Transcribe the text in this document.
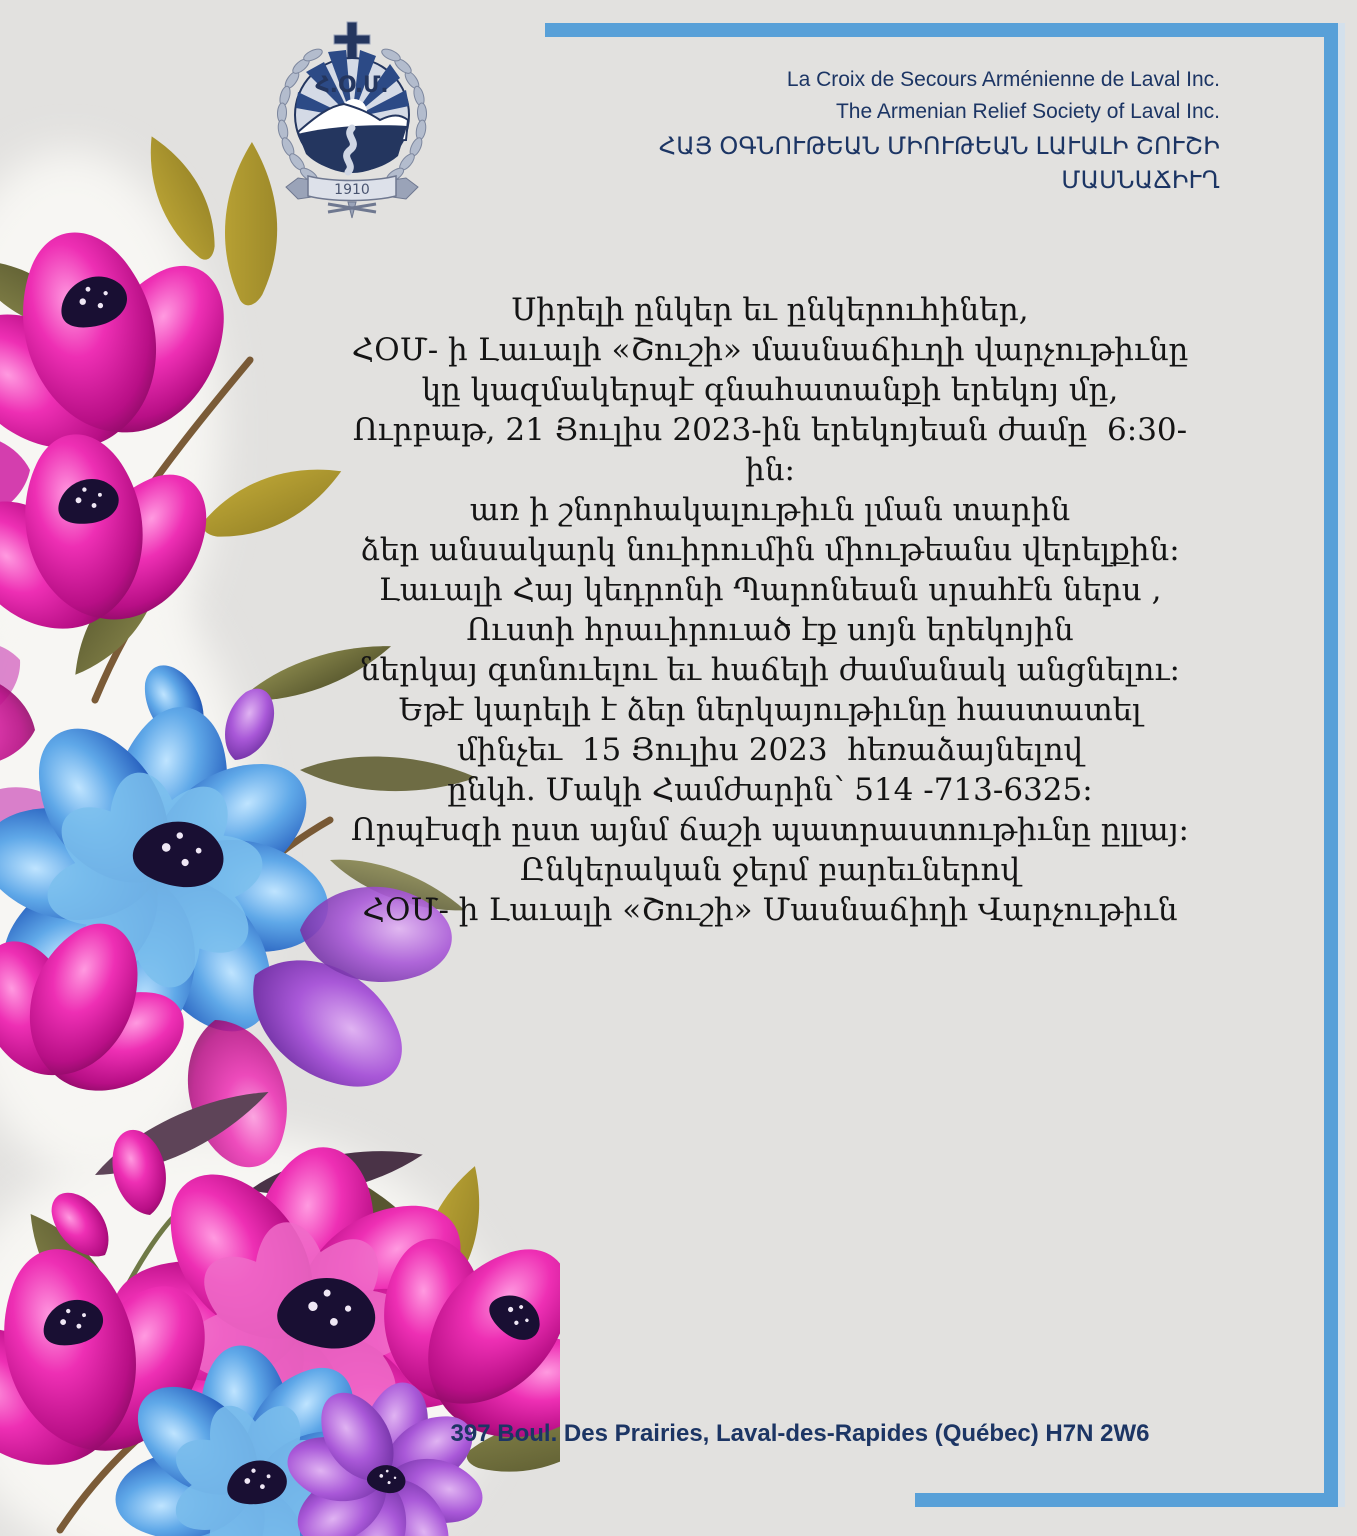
Հ.Օ.Մ.
1910
La Croix de Secours Arménienne de Laval Inc.
The Armenian Relief Society of Laval Inc.
ՀԱՅ ՕԳՆՈՒԹԵԱՆ ՄԻՈՒԹԵԱՆ ԼԱՒԱԼԻ ՇՈՒՇԻ ՄԱՍՆԱՃԻՒՂ

Սիրելի ընկեր եւ ընկերուհիներ,

ՀՕՄ- ի Լաւալի «Շուշի» մասնաճիւղի վարչութիւնը
կը կազմակերպէ գնահատանքի երեկոյ մը,

Ուրբաթ, 21 Յուլիս 2023-ին երեկոյեան ժամը  6:30-ին:

առ ի շնորհակալութիւն լման տարին
ձեր անսակարկ նուիրումին միութեանս վերելքին:

Լաւալի Հայ կեդրոնի Պարոնեան սրահէն ներս ,

Ուստի հրաւիրուած էք սոյն երեկոյին
ներկայ գտնուելու եւ հաճելի ժամանակ անցնելու:

Եթէ կարելի է ձեր ներկայութիւնը հաստատել
մինչեւ  15 Յուլիս 2023  հեռաձայնելով
ընկհ. Մակի Համժարին՝ 514 -713-6325:

Որպէսզի ըստ այնմ ճաշի պատրաստութիւնը ըլլայ:

Ընկերական ջերմ բարեւներով
ՀՕՄ- ի Լաւալի «Շուշի» Մասնաճիղի Վարչութիւն

397 Boul. Des Prairies, Laval-des-Rapides (Québec) H7N 2W6
